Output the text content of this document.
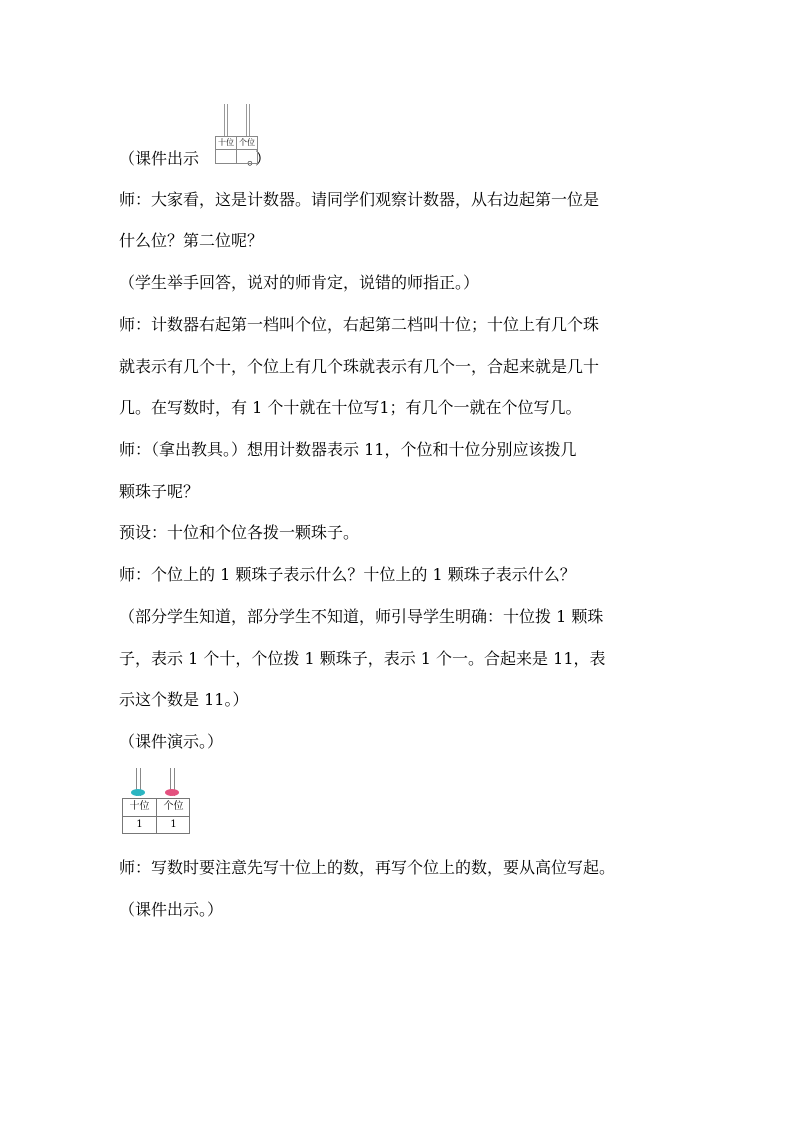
（课件出示	。）
十位 个位
师：大家看，这是计数器。请同学们观察计数器，从右边起第一位是
什么位？第二位呢？
（学生举手回答，说对的师肯定，说错的师指正。）
师：计数器右起第一档叫个位，右起第二档叫十位；十位上有几个珠
就表示有几个十，个位上有几个珠就表示有几个一，合起来就是几十
几。在写数时，有 1 个十就在十位写1；有几个一就在个位写几。
师：（拿出教具。）想用计数器表示 11，个位和十位分别应该拨几
颗珠子呢？
预设：十位和个位各拨一颗珠子。
师：个位上的 1 颗珠子表示什么？十位上的 1 颗珠子表示什么？
（部分学生知道，部分学生不知道，师引导学生明确：十位拨 1 颗珠
子，表示 1 个十，个位拨 1 颗珠子，表示 1 个一。合起来是 11，表
示这个数是 11。）
（课件演示。）
十位	个位
1	1
师：写数时要注意先写十位上的数，再写个位上的数，要从高位写起。
（课件出示。）
